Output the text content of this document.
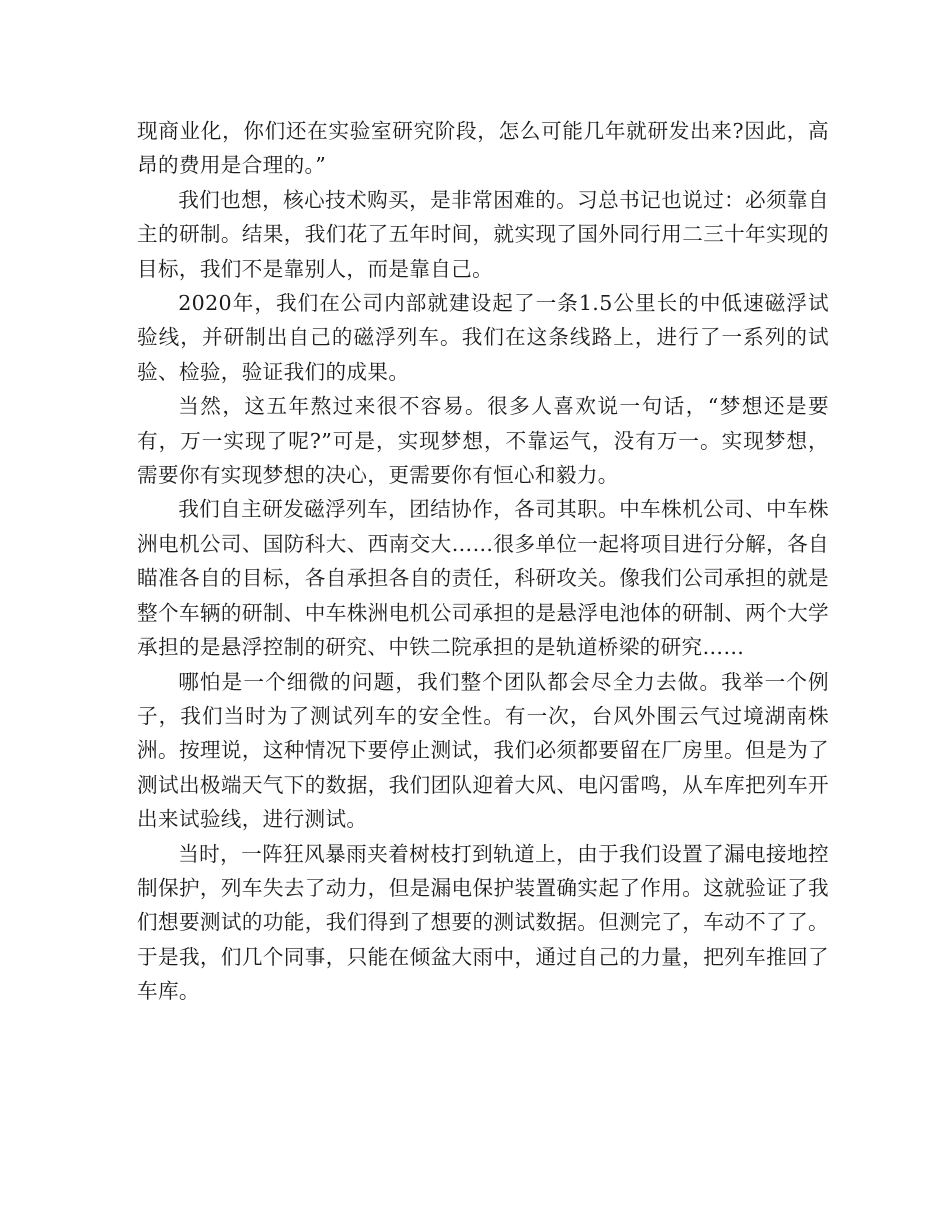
现商业化，你们还在实验室研究阶段，怎么可能几年就研发出来?因此，高昂的费用是合理的。”

我们也想，核心技术购买，是非常困难的。习总书记也说过：必须靠自主的研制。结果，我们花了五年时间，就实现了国外同行用二三十年实现的目标，我们不是靠别人，而是靠自己。

2020年，我们在公司内部就建设起了一条1.5公里长的中低速磁浮试验线，并研制出自己的磁浮列车。我们在这条线路上，进行了一系列的试验、检验，验证我们的成果。

当然，这五年熬过来很不容易。很多人喜欢说一句话，“梦想还是要有，万一实现了呢?”可是，实现梦想，不靠运气，没有万一。实现梦想，需要你有实现梦想的决心，更需要你有恒心和毅力。

我们自主研发磁浮列车，团结协作，各司其职。中车株机公司、中车株洲电机公司、国防科大、西南交大……很多单位一起将项目进行分解，各自瞄准各自的目标，各自承担各自的责任，科研攻关。像我们公司承担的就是整个车辆的研制、中车株洲电机公司承担的是悬浮电池体的研制、两个大学承担的是悬浮控制的研究、中铁二院承担的是轨道桥梁的研究……

哪怕是一个细微的问题，我们整个团队都会尽全力去做。我举一个例子，我们当时为了测试列车的安全性。有一次，台风外围云气过境湖南株洲。按理说，这种情况下要停止测试，我们必须都要留在厂房里。但是为了测试出极端天气下的数据，我们团队迎着大风、电闪雷鸣，从车库把列车开出来试验线，进行测试。

当时，一阵狂风暴雨夹着树枝打到轨道上，由于我们设置了漏电接地控制保护，列车失去了动力，但是漏电保护装置确实起了作用。这就验证了我们想要测试的功能，我们得到了想要的测试数据。但测完了，车动不了了。于是我，们几个同事，只能在倾盆大雨中，通过自己的力量，把列车推回了车库。
